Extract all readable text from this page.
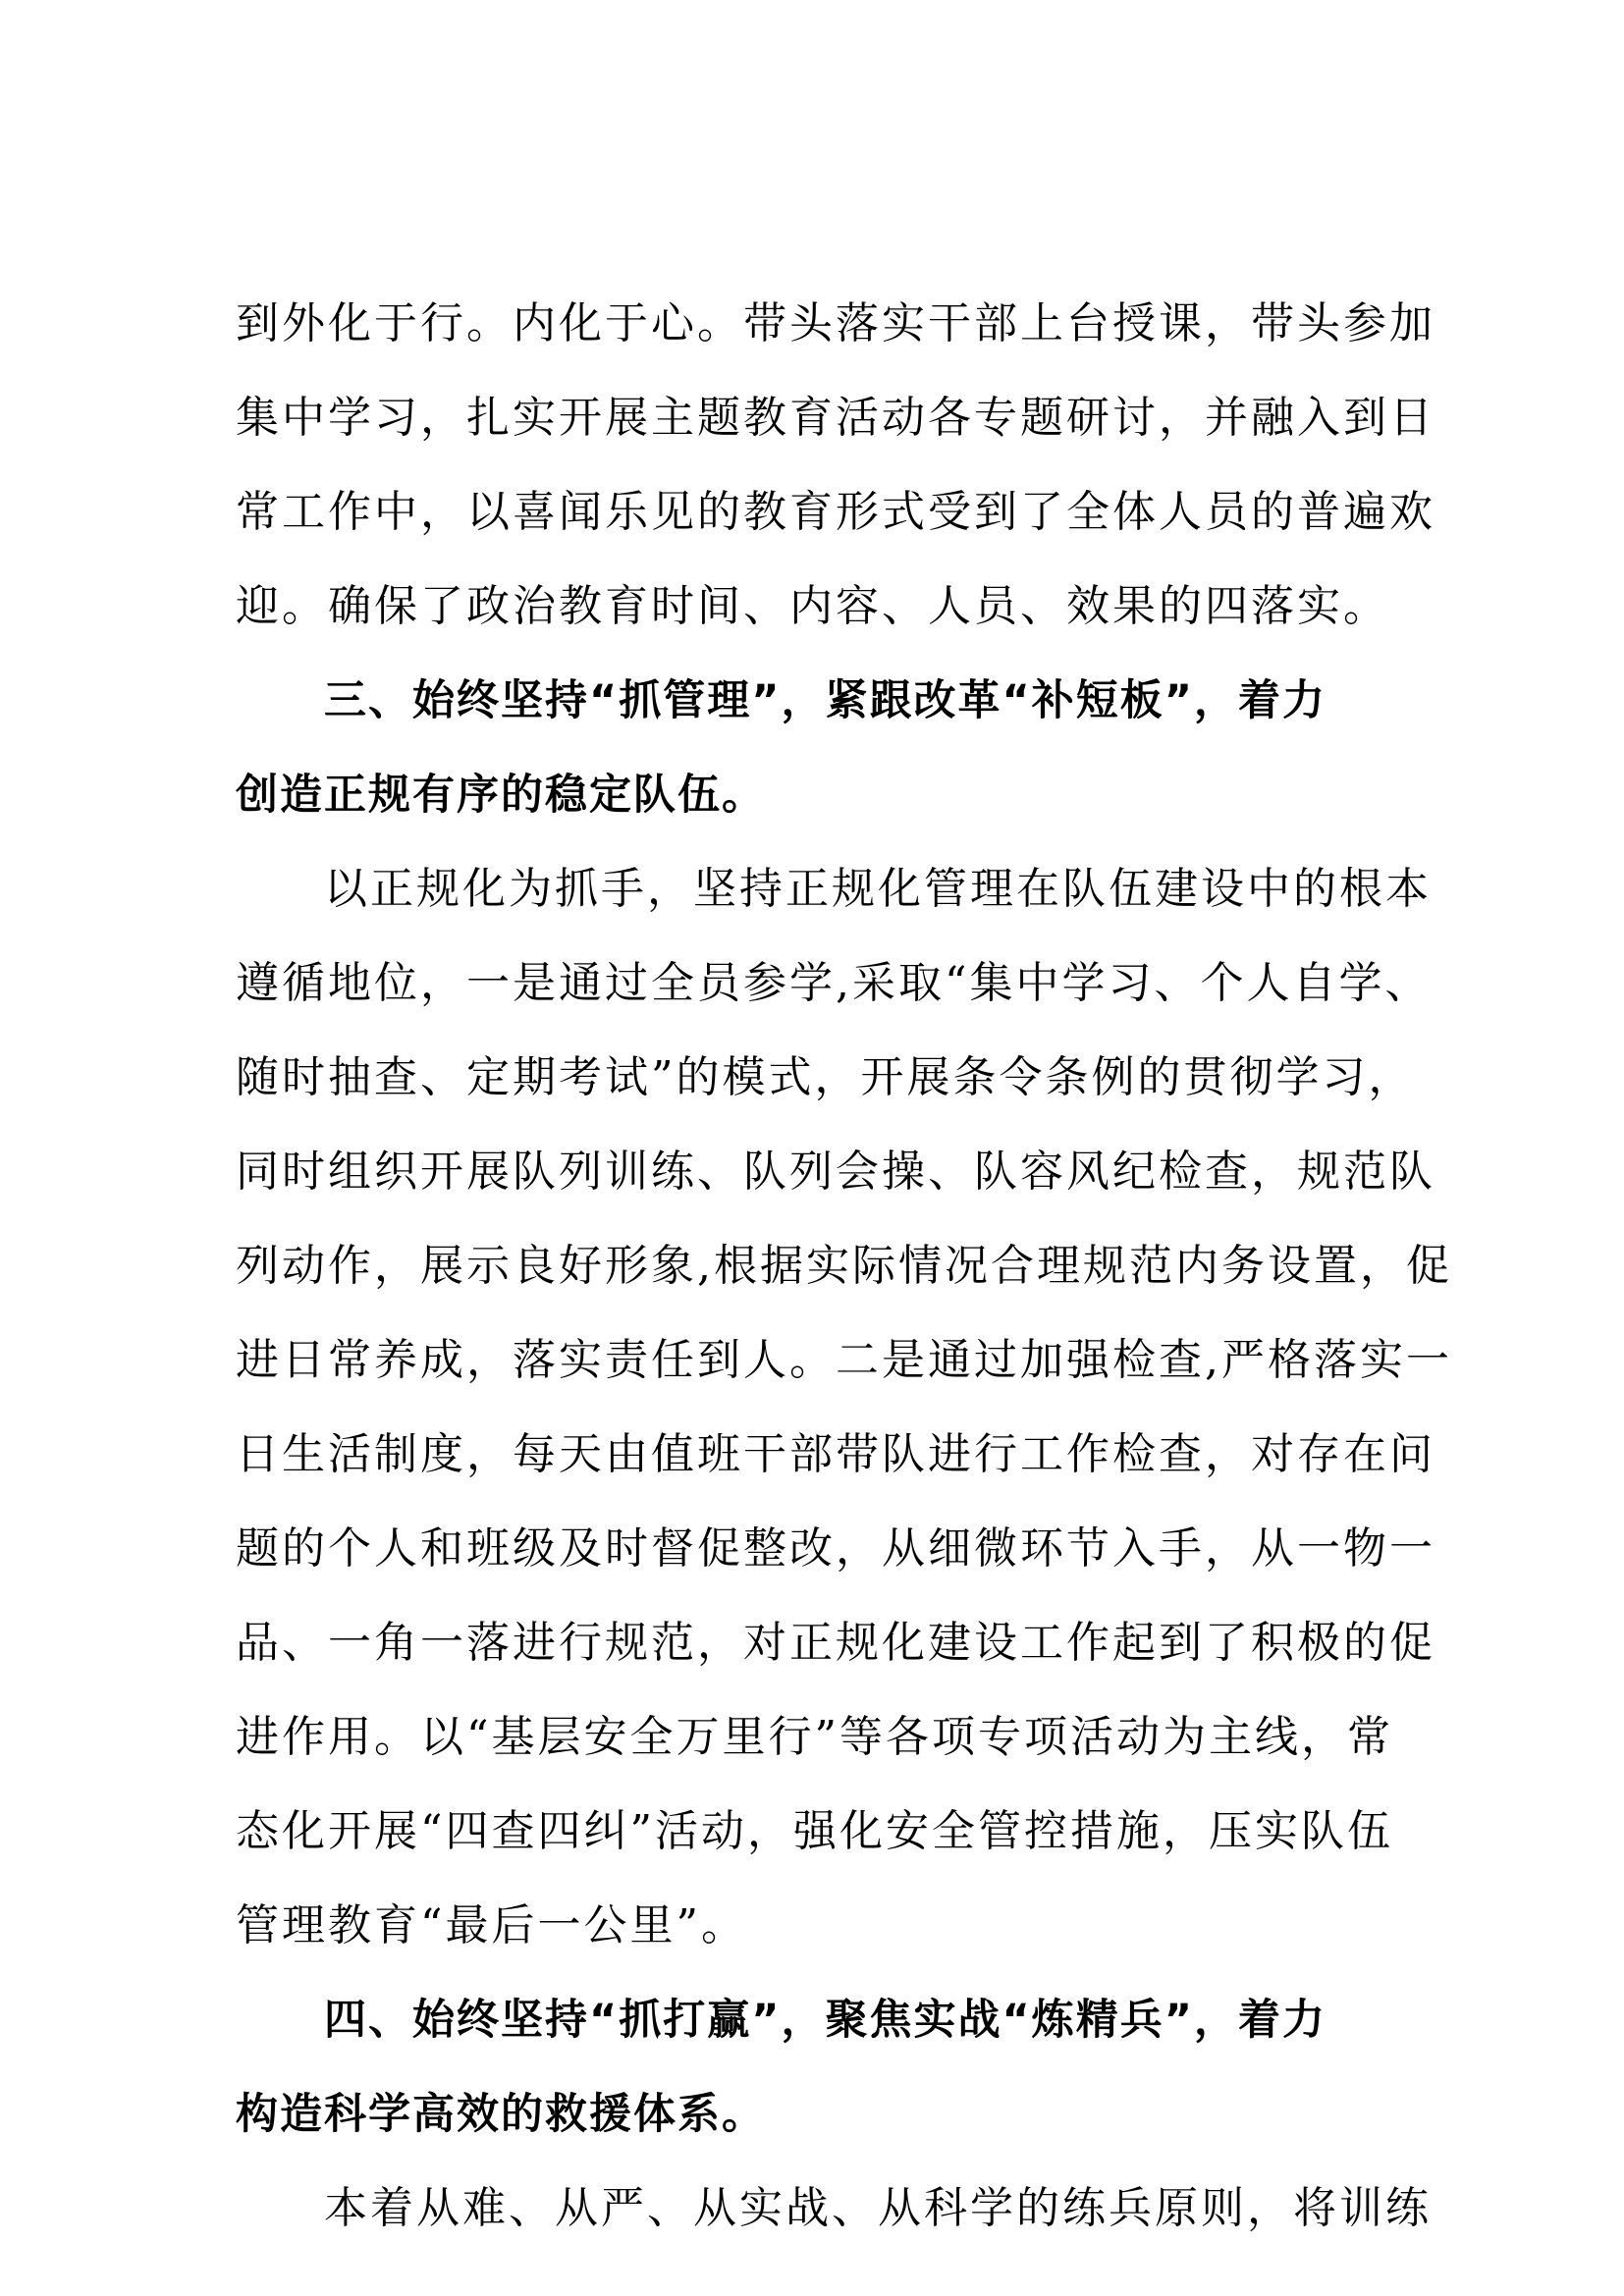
到外化于行。内化于心。带头落实干部上台授课，带头参加
集中学习，扎实开展主题教育活动各专题研讨，并融入到日
常工作中，以喜闻乐见的教育形式受到了全体人员的普遍欢
迎。确保了政治教育时间、内容、人员、效果的四落实。
三、始终坚持“抓管理”，紧跟改革“补短板”，着力
创造正规有序的稳定队伍。
以正规化为抓手，坚持正规化管理在队伍建设中的根本
遵循地位，一是通过全员参学,采取“集中学习、个人自学、
随时抽查、定期考试”的模式，开展条令条例的贯彻学习，
同时组织开展队列训练、队列会操、队容风纪检查，规范队
列动作，展示良好形象,根据实际情况合理规范内务设置，促
进日常养成，落实责任到人。二是通过加强检查,严格落实一
日生活制度，每天由值班干部带队进行工作检查，对存在问
题的个人和班级及时督促整改，从细微环节入手，从一物一
品、一角一落进行规范，对正规化建设工作起到了积极的促
进作用。以“基层安全万里行”等各项专项活动为主线，常
态化开展“四查四纠”活动，强化安全管控措施，压实队伍
管理教育“最后一公里”。
四、始终坚持“抓打赢”，聚焦实战“炼精兵”，着力
构造科学高效的救援体系。
本着从难、从严、从实战、从科学的练兵原则，将训练
